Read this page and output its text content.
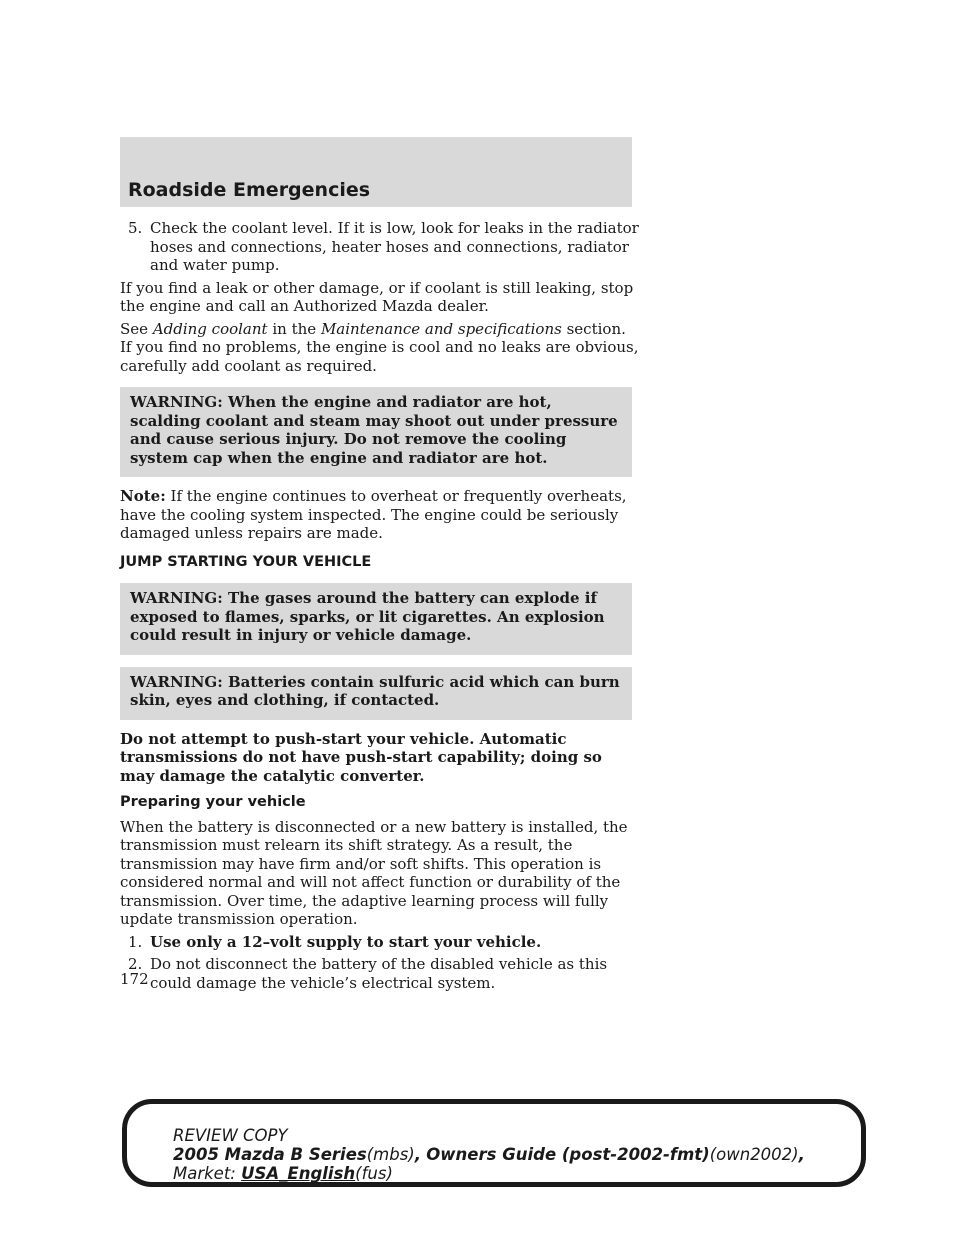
Roadside Emergencies
5. Check the coolant level. If it is low, look for leaks in the radiator hoses and connections, heater hoses and connections, radiator and water pump.

If you find a leak or other damage, or if coolant is still leaking, stop the engine and call an Authorized Mazda dealer.

See Adding coolant in the Maintenance and specifications section. If you find no problems, the engine is cool and no leaks are obvious, carefully add coolant as required.

WARNING: When the engine and radiator are hot, scalding coolant and steam may shoot out under pressure and cause serious injury. Do not remove the cooling system cap when the engine and radiator are hot.

Note: If the engine continues to overheat or frequently overheats, have the cooling system inspected. The engine could be seriously damaged unless repairs are made.

JUMP STARTING YOUR VEHICLE
WARNING: The gases around the battery can explode if exposed to flames, sparks, or lit cigarettes. An explosion could result in injury or vehicle damage.
WARNING: Batteries contain sulfuric acid which can burn skin, eyes and clothing, if contacted.

Do not attempt to push-start your vehicle. Automatic transmissions do not have push-start capability; doing so may damage the catalytic converter.

Preparing your vehicle

When the battery is disconnected or a new battery is installed, the transmission must relearn its shift strategy. As a result, the transmission may have firm and/or soft shifts. This operation is considered normal and will not affect function or durability of the transmission. Over time, the adaptive learning process will fully update transmission operation.

1. Use only a 12–volt supply to start your vehicle.
2. Do not disconnect the battery of the disabled vehicle as this could damage the vehicle’s electrical system.
172
REVIEW COPY
2005 Mazda B Series(mbs), Owners Guide (post-2002-fmt)(own2002),
Market: USA_English(fus)
